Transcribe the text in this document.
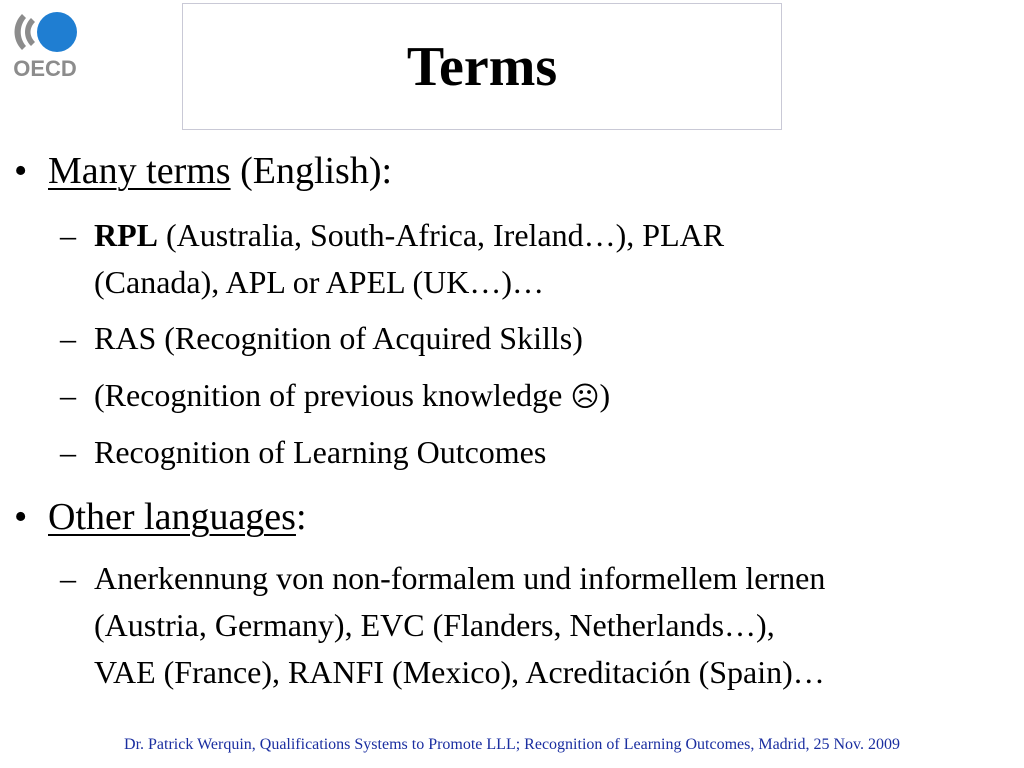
OECD	Terms
• Many terms (English):
– RPL (Australia, South-Africa, Ireland…), PLAR
(Canada), APL or APEL (UK…)…
– RAS (Recognition of Acquired Skills)
– (Recognition of previous knowledge ☹)
– Recognition of Learning Outcomes
• Other languages:
– Anerkennung von non-formalem und informellem lernen
(Austria, Germany), EVC (Flanders, Netherlands…),
VAE (France), RANFI (Mexico), Acreditación (Spain)…
Dr. Patrick Werquin, Qualifications Systems to Promote LLL; Recognition of Learning Outcomes, Madrid, 25 Nov. 2009
